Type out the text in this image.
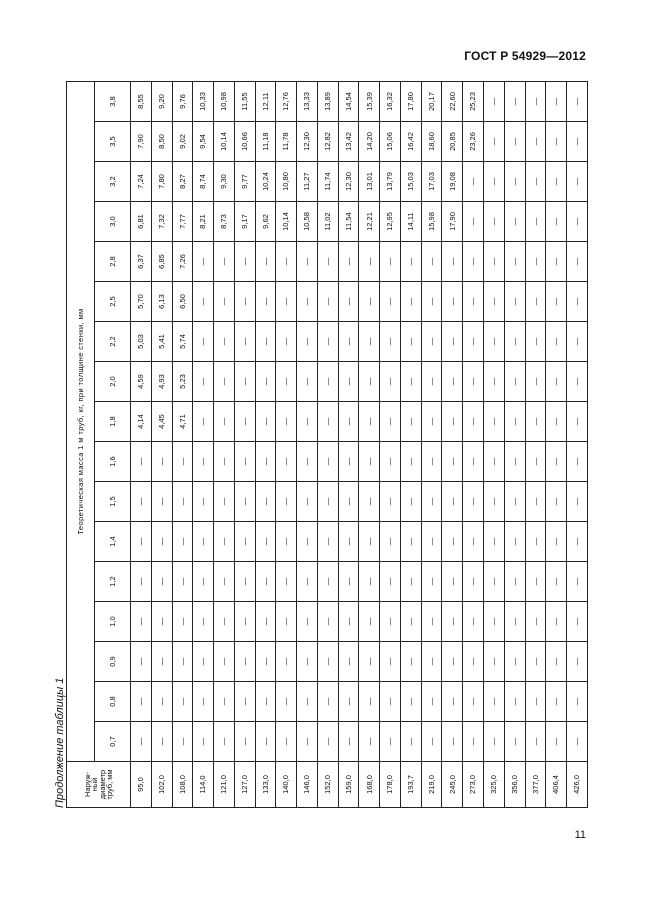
ГОСТ Р 54929—2012
Продолжение таблицы 1 Наруж-
ный
диаметр
труб, мм	Теоретическая масса 1 м труб, кг, при толщине стенки, мм																
	0,7	0,8	0,9	1,0	1,2	1,4	1,5	1,6	1,8	2,0	2,2	2,5	2,8	3,0	3,2	3,5	3,8
95,0	—	—	—	—	—	—	—	—	4,14	4,59	5,03	5,70	6,37	6,81	7,24	7,90	8,55
102,0	—	—	—	—	—	—	—	—	4,45	4,93	5,41	6,13	6,85	7,32	7,80	8,50	9,20
108,0	—	—	—	—	—	—	—	—	4,71	5,23	5,74	6,50	7,26	7,77	8,27	9,02	9,76
114,0	—	—	—	—	—	—	—	—	—	—	—	—	—	8,21	8,74	9,54	10,33
121,0	—	—	—	—	—	—	—	—	—	—	—	—	—	8,73	9,30	10,14	10,98
127,0	—	—	—	—	—	—	—	—	—	—	—	—	—	9,17	9,77	10,66	11,55
133,0	—	—	—	—	—	—	—	—	—	—	—	—	—	9,62	10,24	11,18	12,11
140,0	—	—	—	—	—	—	—	—	—	—	—	—	—	10,14	10,80	11,78	12,76
146,0	—	—	—	—	—	—	—	—	—	—	—	—	—	10,58	11,27	12,30	13,33
152,0	—	—	—	—	—	—	—	—	—	—	—	—	—	11,02	11,74	12,82	13,89
159,0	—	—	—	—	—	—	—	—	—	—	—	—	—	11,54	12,30	13,42	14,54
168,0	—	—	—	—	—	—	—	—	—	—	—	—	—	12,21	13,01	14,20	15,39
178,0	—	—	—	—	—	—	—	—	—	—	—	—	—	12,95	13,79	15,06	16,32
193,7	—	—	—	—	—	—	—	—	—	—	—	—	—	14,11	15,03	16,42	17,80
219,0	—	—	—	—	—	—	—	—	—	—	—	—	—	15,98	17,03	18,60	20,17
245,0	—	—	—	—	—	—	—	—	—	—	—	—	—	17,90	19,08	20,85	22,60
273,0	—	—	—	—	—	—	—	—	—	—	—	—	—	—	—	23,26	25,23
325,0	—	—	—	—	—	—	—	—	—	—	—	—	—	—	—	—	—
356,0	—	—	—	—	—	—	—	—	—	—	—	—	—	—	—	—	—
377,0	—	—	—	—	—	—	—	—	—	—	—	—	—	—	—	—	—
406,4	—	—	—	—	—	—	—	—	—	—	—	—	—	—	—	—	—
426,0	—	—	—	—	—	—	—	—	—	—	—	—	—	—	—	—	—
11
